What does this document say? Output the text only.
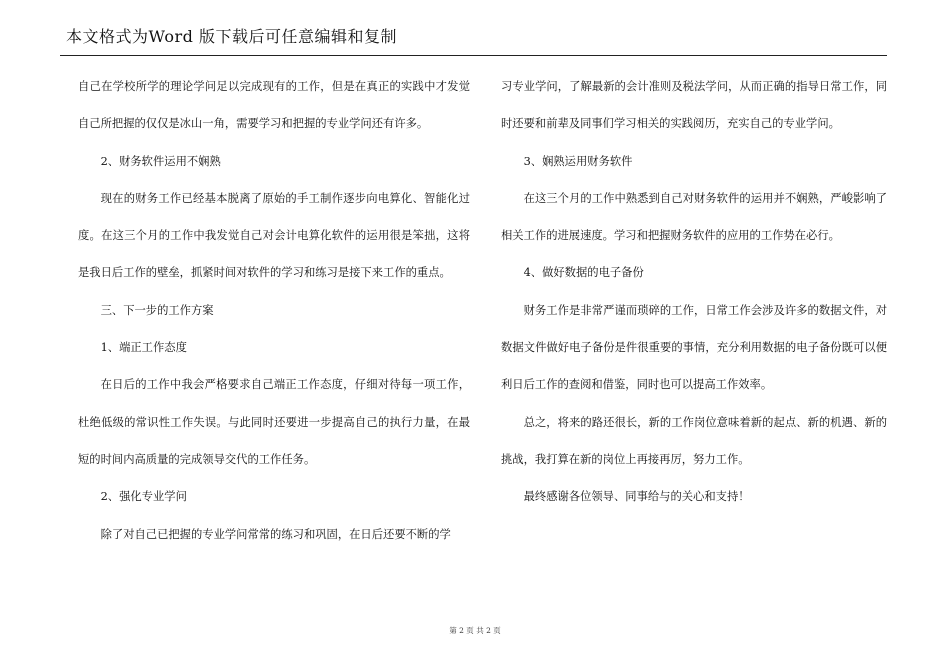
本文格式为Word 版下载后可任意编辑和复制

自己在学校所学的理论学问足以完成现有的工作，但是在真正的实践中才发觉自己所把握的仅仅是冰山一角，需要学习和把握的专业学问还有许多。

2、财务软件运用不娴熟

现在的财务工作已经基本脱离了原始的手工制作逐步向电算化、智能化过度。在这三个月的工作中我发觉自己对会计电算化软件的运用很是笨拙，这将是我日后工作的壁垒，抓紧时间对软件的学习和练习是接下来工作的重点。

三、下一步的工作方案

1、端正工作态度

在日后的工作中我会严格要求自己端正工作态度，仔细对待每一项工作，杜绝低级的常识性工作失误。与此同时还要进一步提高自己的执行力量，在最短的时间内高质量的完成领导交代的工作任务。

2、强化专业学问

除了对自己已把握的专业学问常常的练习和巩固，在日后还要不断的学

习专业学问，了解最新的会计准则及税法学问，从而正确的指导日常工作，同时还要和前辈及同事们学习相关的实践阅历，充实自己的专业学问。

3、娴熟运用财务软件

在这三个月的工作中熟悉到自己对财务软件的运用并不娴熟，严峻影响了相关工作的进展速度。学习和把握财务软件的应用的工作势在必行。

4、做好数据的电子备份

财务工作是非常严谨而琐碎的工作，日常工作会涉及许多的数据文件，对数据文件做好电子备份是件很重要的事情，充分利用数据的电子备份既可以便利日后工作的查阅和借鉴，同时也可以提高工作效率。

总之，将来的路还很长，新的工作岗位意味着新的起点、新的机遇、新的挑战，我打算在新的岗位上再接再厉，努力工作。

最终感谢各位领导、同事给与的关心和支持！

第 2 页 共 2 页
